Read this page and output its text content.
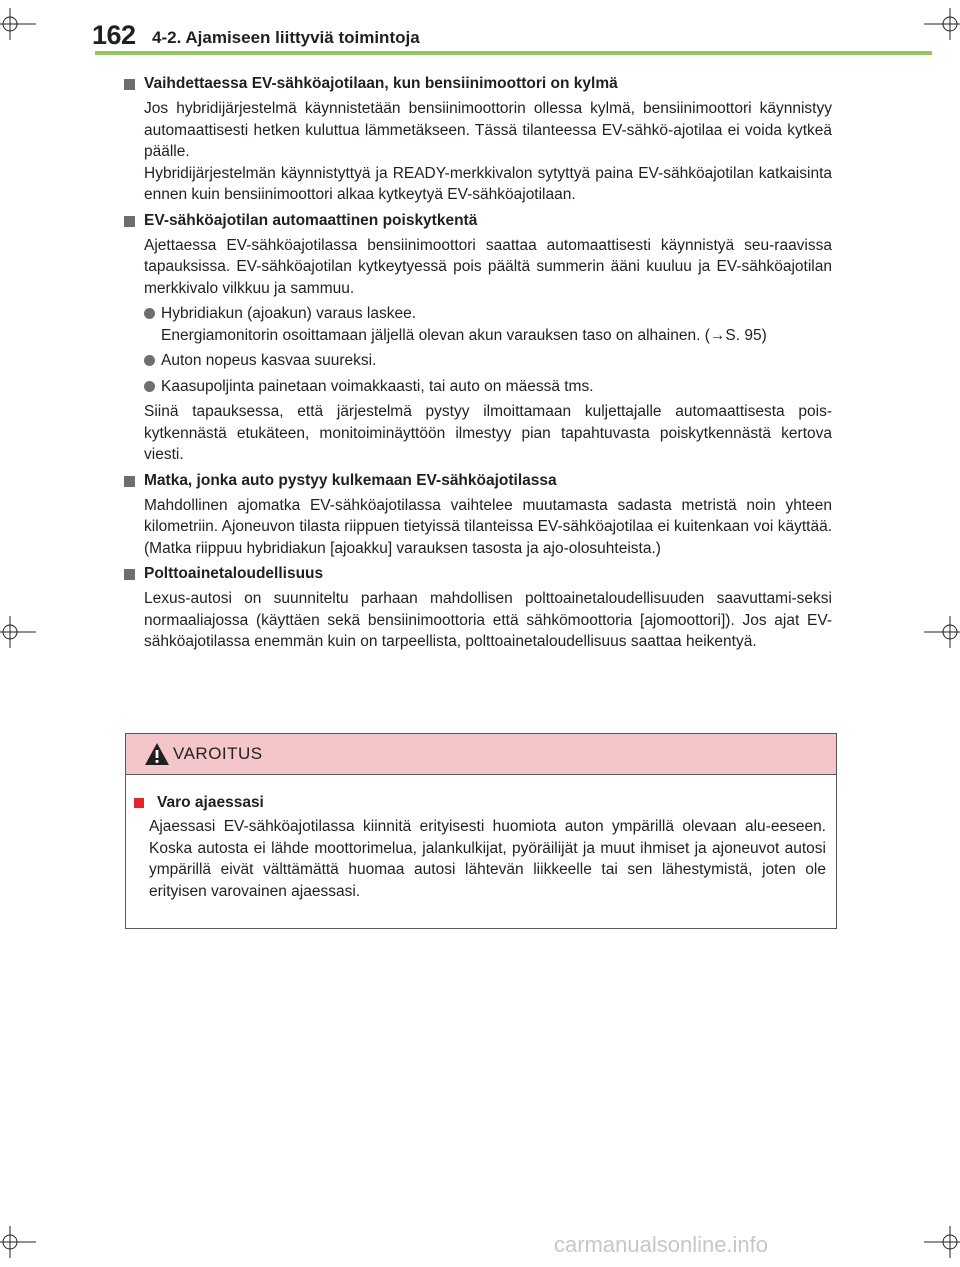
162 4-2. Ajamiseen liittyviä toimintoja
Vaihdettaessa EV-sähköajotilaan, kun bensiinimoottori on kylmä

Jos hybridijärjestelmä käynnistetään bensiinimoottorin ollessa kylmä, bensiinimoottori käynnistyy automaattisesti hetken kuluttua lämmetäkseen. Tässä tilanteessa EV-sähkö-ajotilaa ei voida kytkeä päälle.

Hybridijärjestelmän käynnistyttyä ja READY-merkkivalon sytyttyä paina EV-sähköajotilan katkaisinta ennen kuin bensiinimoottori alkaa kytkeytyä EV-sähköajotilaan.

EV-sähköajotilan automaattinen poiskytkentä

Ajettaessa EV-sähköajotilassa bensiinimoottori saattaa automaattisesti käynnistyä seu-raavissa tapauksissa. EV-sähköajotilan kytkeytyessä pois päältä summerin ääni kuuluu ja EV-sähköajotilan merkkivalo vilkkuu ja sammuu.

Hybridiakun (ajoakun) varaus laskee.
Energiamonitorin osoittamaan jäljellä olevan akun varauksen taso on alhainen. (→S. 95)
Auton nopeus kasvaa suureksi.
Kaasupoljinta painetaan voimakkaasti, tai auto on mäessä tms.

Siinä tapauksessa, että järjestelmä pystyy ilmoittamaan kuljettajalle automaattisesta pois-kytkennästä etukäteen, monitoiminäyttöön ilmestyy pian tapahtuvasta poiskytkennästä kertova viesti.

Matka, jonka auto pystyy kulkemaan EV-sähköajotilassa

Mahdollinen ajomatka EV-sähköajotilassa vaihtelee muutamasta sadasta metristä noin yhteen kilometriin. Ajoneuvon tilasta riippuen tietyissä tilanteissa EV-sähköajotilaa ei kuitenkaan voi käyttää. (Matka riippuu hybridiakun [ajoakku] varauksen tasosta ja ajo-olosuhteista.)

Polttoainetaloudellisuus

Lexus-autosi on suunniteltu parhaan mahdollisen polttoainetaloudellisuuden saavuttami-seksi normaaliajossa (käyttäen sekä bensiinimoottoria että sähkömoottoria [ajomoottori]). Jos ajat EV-sähköajotilassa enemmän kuin on tarpeellista, polttoainetaloudellisuus saattaa heikentyä.

VAROITUS
Varo ajaessasi

Ajaessasi EV-sähköajotilassa kiinnitä erityisesti huomiota auton ympärillä olevaan alu-eeseen. Koska autosta ei lähde moottorimelua, jalankulkijat, pyöräilijät ja muut ihmiset ja ajoneuvot autosi ympärillä eivät välttämättä huomaa autosi lähtevän liikkeelle tai sen lähestymistä, joten ole erityisen varovainen ajaessasi.

carmanualsonline.info
